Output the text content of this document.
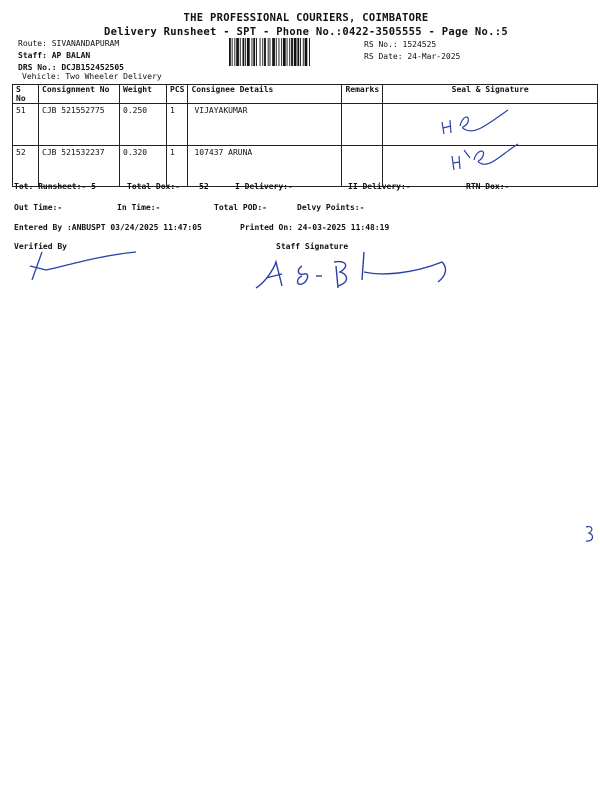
THE PROFESSIONAL COURIERS, COIMBATORE
Delivery Runsheet - SPT - Phone No.:0422-3505555 - Page No.:5
Route: SIVANANDAPURAM
Staff: AP BALAN
DRS No.: DCJB152452505
Vehicle: Two Wheeler Delivery
RS No.: 1524525
RS Date: 24-Mar-2025
S No	Consignment No	Weight	PCS	Consignee Details	Remarks	Seal & Signature
51	CJB 521552775	0.250	1	VIJAYAKUMAR		
52	CJB 521532237	0.320	1	107437 ARUNA		
Tot. Runsheet:- 5	Total Dox:- 52	I Delivery:-	II Delivery:-	RTN Dox:-
Out Time:-	In Time:-	Total POD:-	Delvy Points:-
Entered By :ANBUSPT 03/24/2025 11:47:05	Printed On: 24-03-2025 11:48:19
Verified By	Staff Signature
